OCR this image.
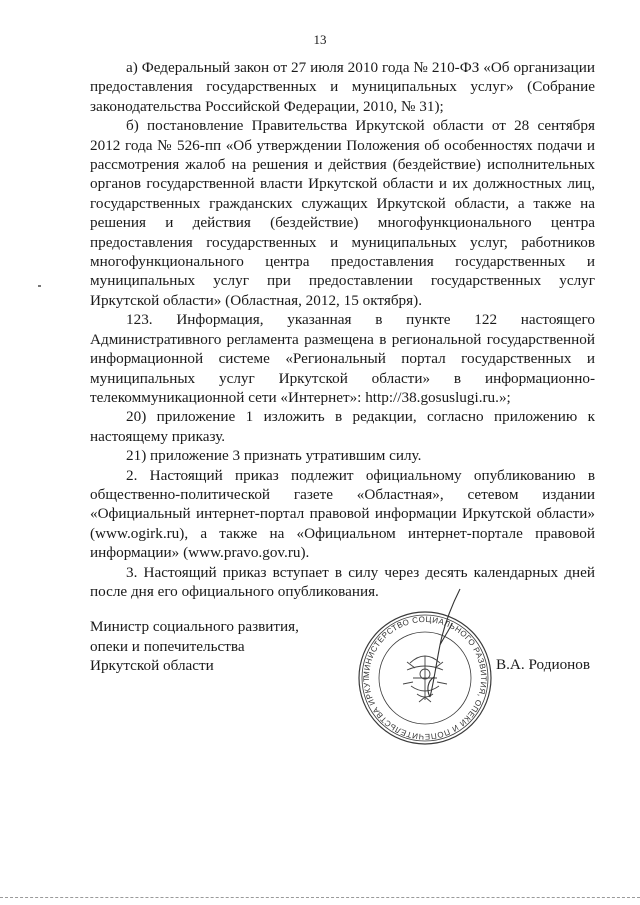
13

а) Федеральный закон от 27 июля 2010 года № 210-ФЗ «Об организации предоставления государственных и муниципальных услуг» (Собрание законодательства Российской Федерации, 2010, № 31);

б) постановление Правительства Иркутской области от 28 сентября 2012 года № 526-пп «Об утверждении Положения об особенностях подачи и рассмотрения жалоб на решения и действия (бездействие) исполнительных органов государственной власти Иркутской области и их должностных лиц, государственных гражданских служащих Иркутской области, а также на решения и действия (бездействие) многофункционального центра предоставления государственных и муниципальных услуг, работников многофункционального центра предоставления государственных и муниципальных услуг при предоставлении государственных услуг Иркутской области» (Областная, 2012, 15 октября).

123. Информация, указанная в пункте 122 настоящего Административного регламента размещена в региональной государственной информационной системе «Региональный портал государственных и муниципальных услуг Иркутской области» в информационно-телекоммуникационной сети «Интернет»: http://38.gosuslugi.ru.»;

20) приложение 1 изложить в редакции, согласно приложению к настоящему приказу.

21) приложение 3 признать утратившим силу.

2. Настоящий приказ подлежит официальному опубликованию в общественно-политической газете «Областная», сетевом издании «Официальный интернет-портал правовой информации Иркутской области» (www.ogirk.ru), а также на «Официальном интернет-портале правовой информации» (www.pravo.gov.ru).

3. Настоящий приказ вступает в силу через десять календарных дней после дня его официального опубликования.

Министр социального развития,
опеки и попечительства
Иркутской области
МИНИСТЕРСТВО СОЦИАЛЬНОГО РАЗВИТИЯ, ОПЕКИ И ПОПЕЧИТЕЛЬСТВА ИРКУТ
В.А. Родионов
